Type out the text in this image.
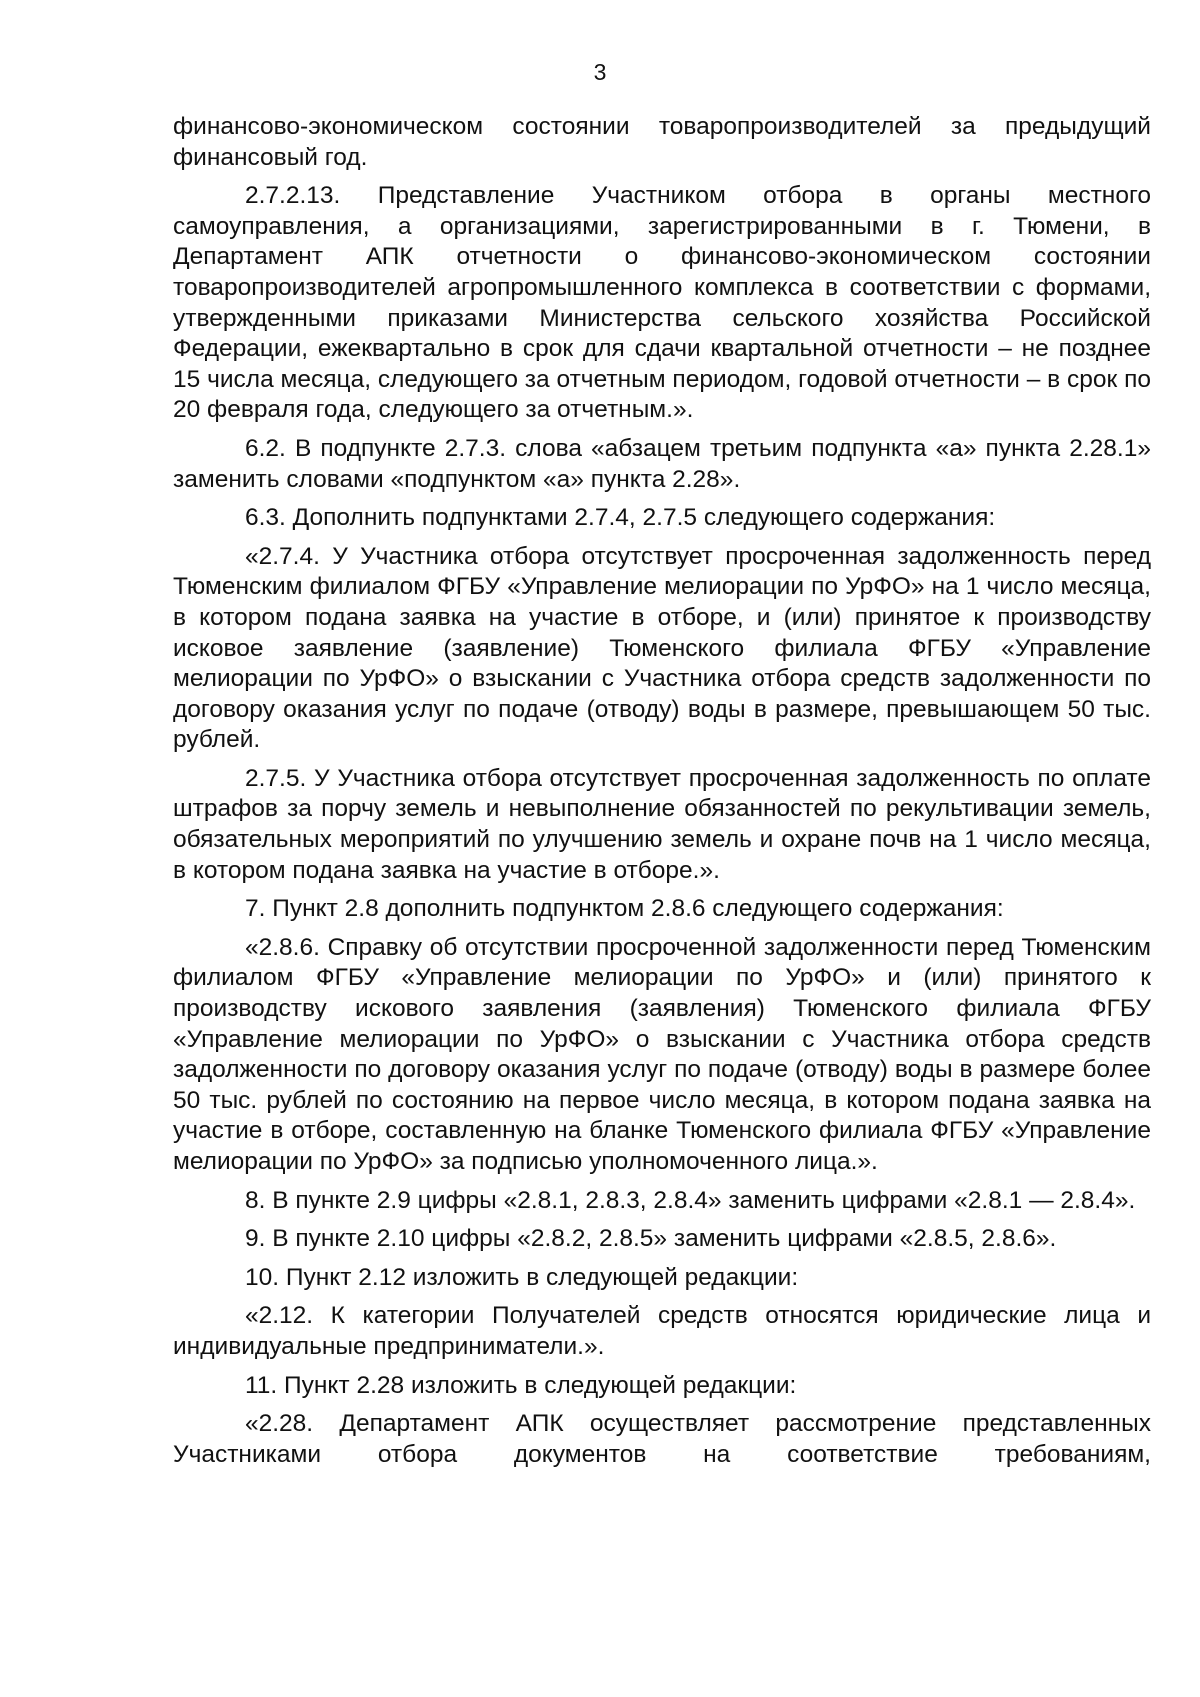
3

финансово-экономическом состоянии товаропроизводителей за предыдущий финансовый год.

2.7.2.13. Представление Участником отбора в органы местного самоуправления, а организациями, зарегистрированными в г. Тюмени, в Департамент АПК отчетности о финансово-экономическом состоянии товаропроизводителей агропромышленного комплекса в соответствии с формами, утвержденными приказами Министерства сельского хозяйства Российской Федерации, ежеквартально в срок для сдачи квартальной отчетности – не позднее 15 числа месяца, следующего за отчетным периодом, годовой отчетности – в срок по 20 февраля года, следующего за отчетным.».

6.2. В подпункте 2.7.3. слова «абзацем третьим подпункта «а» пункта 2.28.1» заменить словами «подпунктом «а» пункта 2.28».

6.3. Дополнить подпунктами 2.7.4, 2.7.5 следующего содержания:

«2.7.4. У Участника отбора отсутствует просроченная задолженность перед Тюменским филиалом ФГБУ «Управление мелиорации по УрФО» на 1 число месяца, в котором подана заявка на участие в отборе, и (или) принятое к производству исковое заявление (заявление) Тюменского филиала ФГБУ «Управление мелиорации по УрФО» о взыскании с Участника отбора средств задолженности по договору оказания услуг по подаче (отводу) воды в размере, превышающем 50 тыс. рублей.

2.7.5. У Участника отбора отсутствует просроченная задолженность по оплате штрафов за порчу земель и невыполнение обязанностей по рекультивации земель, обязательных мероприятий по улучшению земель и охране почв на 1 число месяца, в котором подана заявка на участие в отборе.».

7. Пункт 2.8 дополнить подпунктом 2.8.6 следующего содержания:

«2.8.6. Справку об отсутствии просроченной задолженности перед Тюменским филиалом ФГБУ «Управление мелиорации по УрФО» и (или) принятого к производству искового заявления (заявления) Тюменского филиала ФГБУ «Управление мелиорации по УрФО» о взыскании с Участника отбора средств задолженности по договору оказания услуг по подаче (отводу) воды в размере более 50 тыс. рублей по состоянию на первое число месяца, в котором подана заявка на участие в отборе, составленную на бланке Тюменского филиала ФГБУ «Управление мелиорации по УрФО» за подписью уполномоченного лица.».

8. В пункте 2.9 цифры «2.8.1, 2.8.3, 2.8.4» заменить цифрами «2.8.1 — 2.8.4».

9. В пункте 2.10 цифры «2.8.2, 2.8.5» заменить цифрами «2.8.5, 2.8.6».

10. Пункт 2.12 изложить в следующей редакции:

«2.12. К категории Получателей средств относятся юридические лица и индивидуальные предприниматели.».

11. Пункт 2.28 изложить в следующей редакции:

«2.28. Департамент АПК осуществляет рассмотрение представленных Участниками отбора документов на соответствие требованиям,
